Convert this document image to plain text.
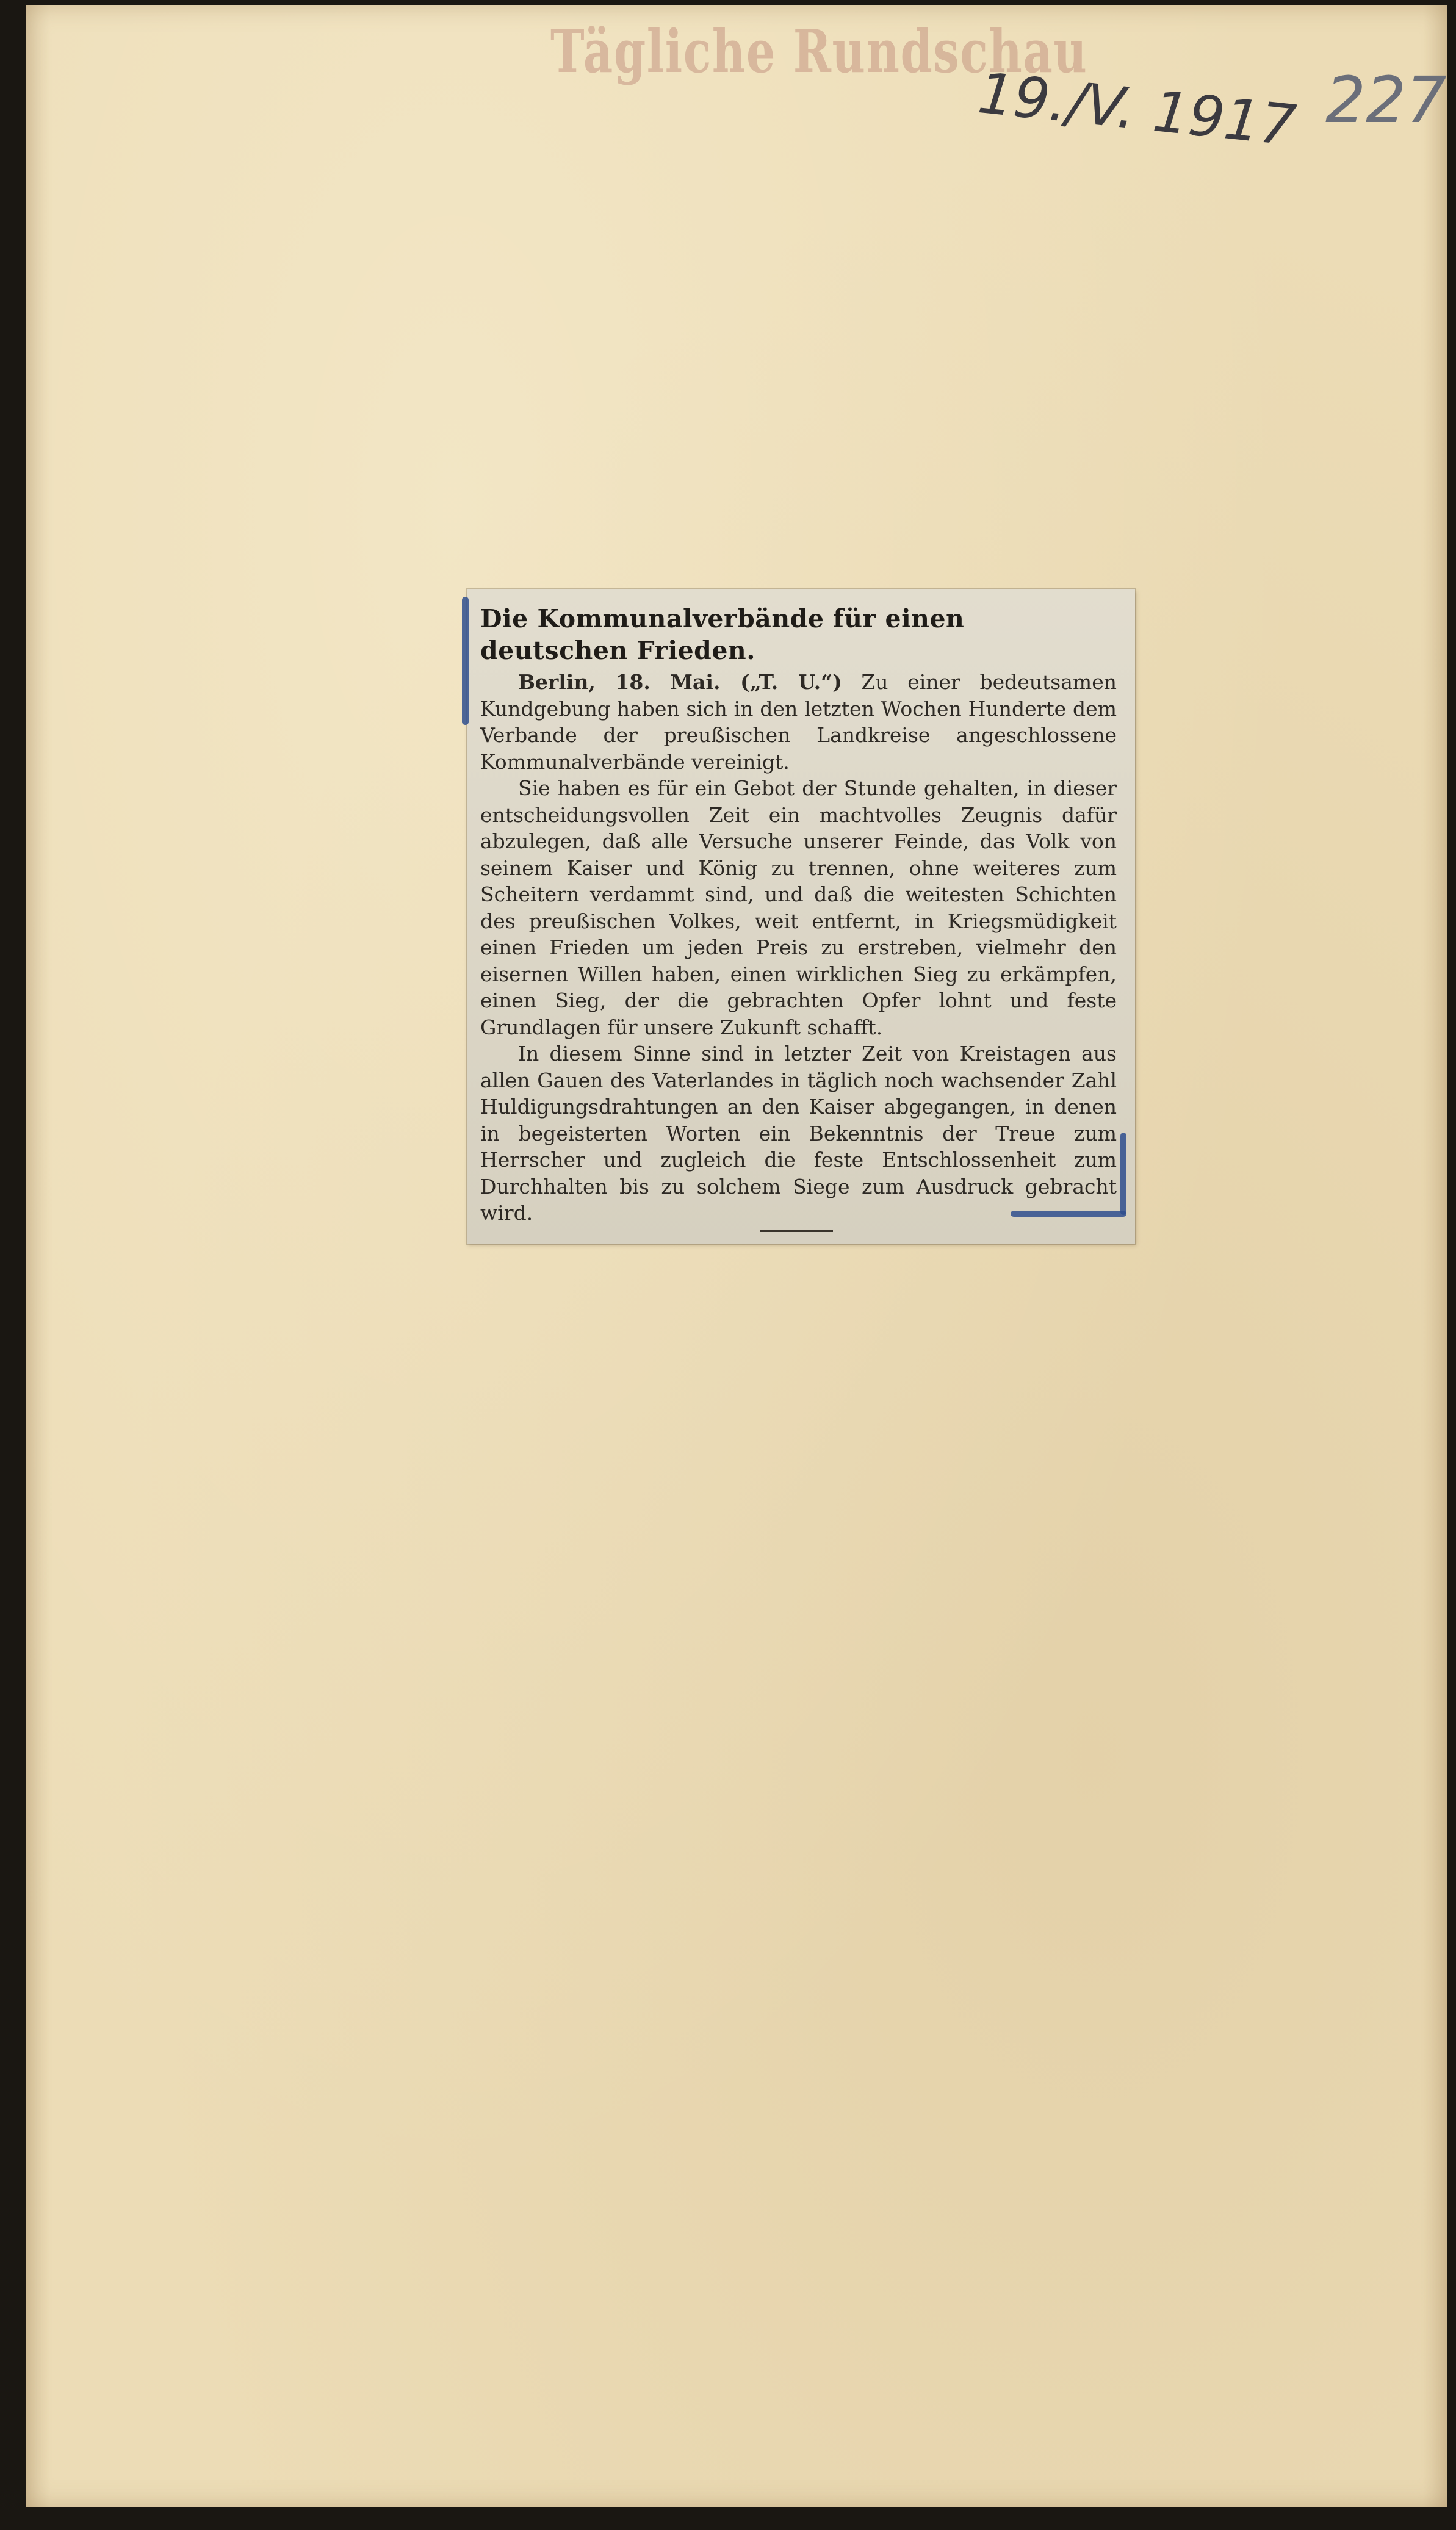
Tägliche Rundschau
19./V. 1917 227
Die Kommunalverbände für einen deutschen Frieden.

Berlin, 18. Mai. („T. U.“) Zu einer bedeutsamen Kundgebung haben sich in den letzten Wochen Hunderte dem Verbande der preußischen Landkreise angeschlossene Kommunalverbände vereinigt.

Sie haben es für ein Gebot der Stunde gehalten, in dieser entscheidungsvollen Zeit ein machtvolles Zeugnis dafür abzulegen, daß alle Versuche unserer Feinde, das Volk von seinem Kaiser und König zu trennen, ohne weiteres zum Scheitern verdammt sind, und daß die weitesten Schichten des preußischen Volkes, weit entfernt, in Kriegsmüdigkeit einen Frieden um jeden Preis zu erstreben, vielmehr den eisernen Willen haben, einen wirklichen Sieg zu erkämpfen, einen Sieg, der die gebrachten Opfer lohnt und feste Grundlagen für unsere Zukunft schafft.

In diesem Sinne sind in letzter Zeit von Kreistagen aus allen Gauen des Vaterlandes in täglich noch wachsender Zahl Huldigungsdrahtungen an den Kaiser abgegangen, in denen in begeisterten Worten ein Bekenntnis der Treue zum Herrscher und zugleich die feste Entschlossenheit zum Durchhalten bis zu solchem Siege zum Ausdruck gebracht wird.
